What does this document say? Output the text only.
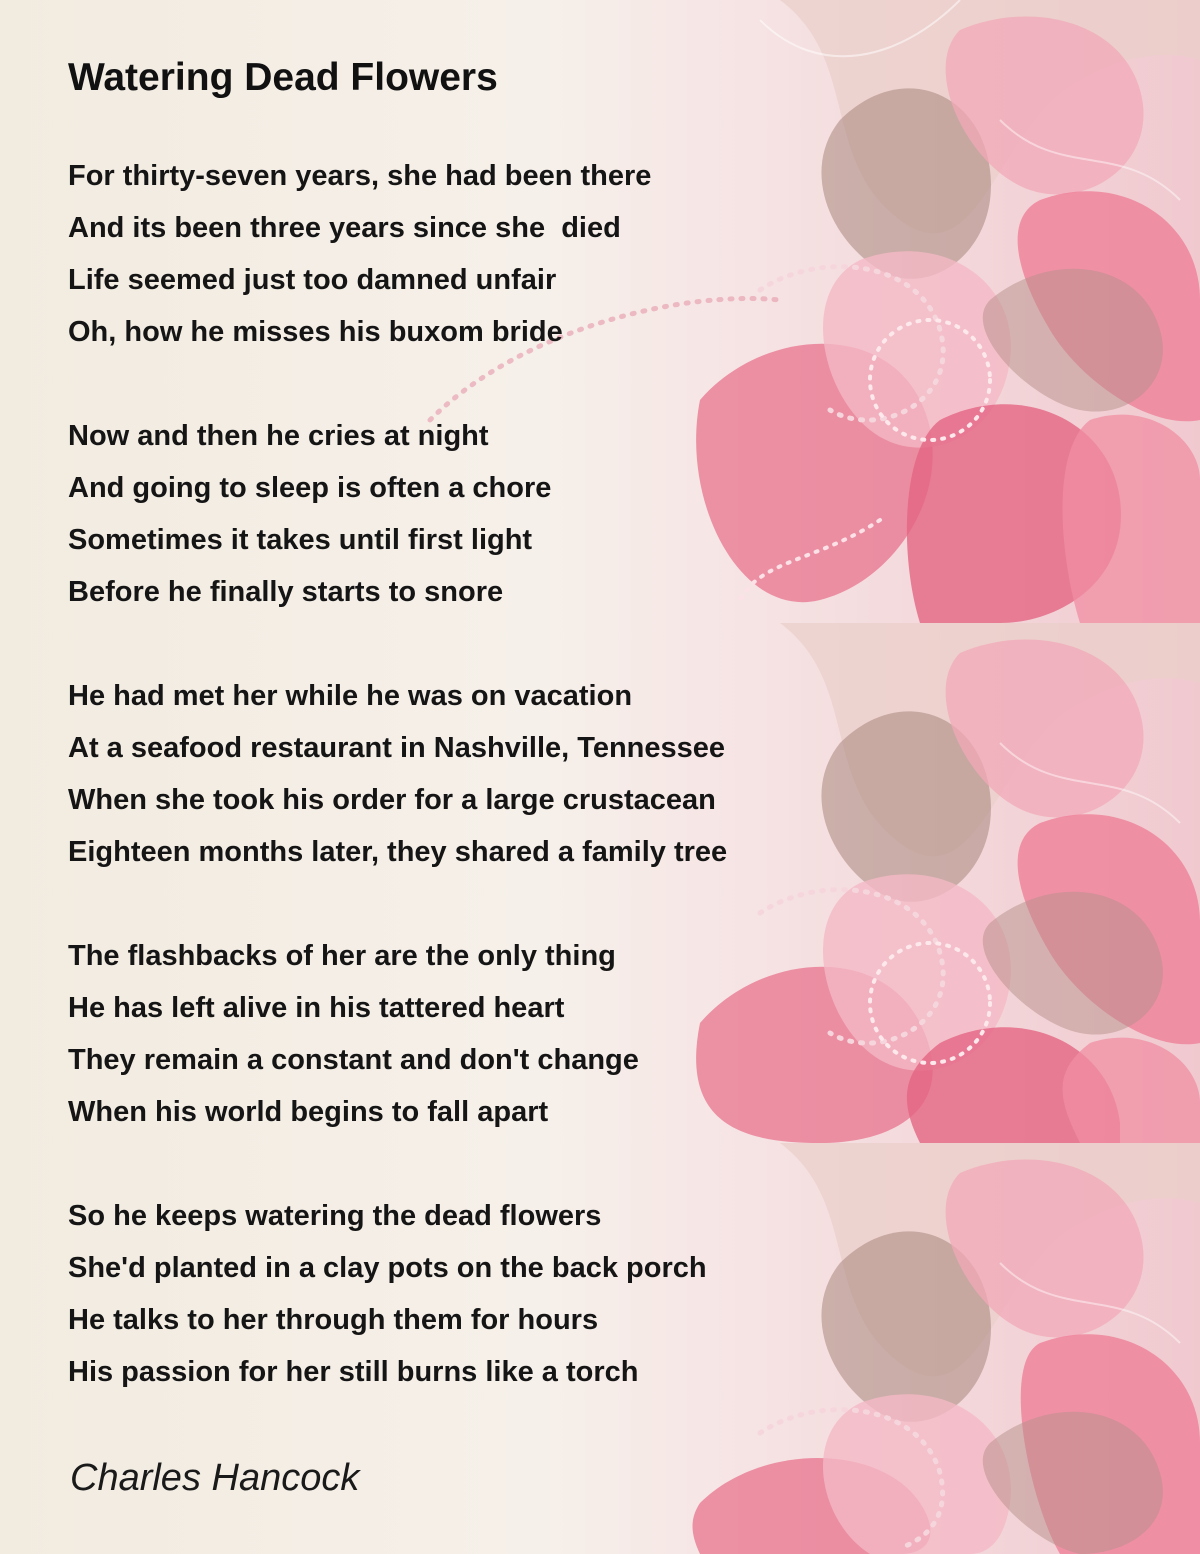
Watering Dead Flowers
For thirty-seven years, she had been there
And its been three years since she  died
Life seemed just too damned unfair
Oh, how he misses his buxom bride
Now and then he cries at night
And going to sleep is often a chore
Sometimes it takes until first light
Before he finally starts to snore
He had met her while he was on vacation
At a seafood restaurant in Nashville, Tennessee
When she took his order for a large crustacean
Eighteen months later, they shared a family tree
The flashbacks of her are the only thing
He has left alive in his tattered heart
They remain a constant and don't change
When his world begins to fall apart
So he keeps watering the dead flowers
She'd planted in a clay pots on the back porch
He talks to her through them for hours
His passion for her still burns like a torch
Charles Hancock
